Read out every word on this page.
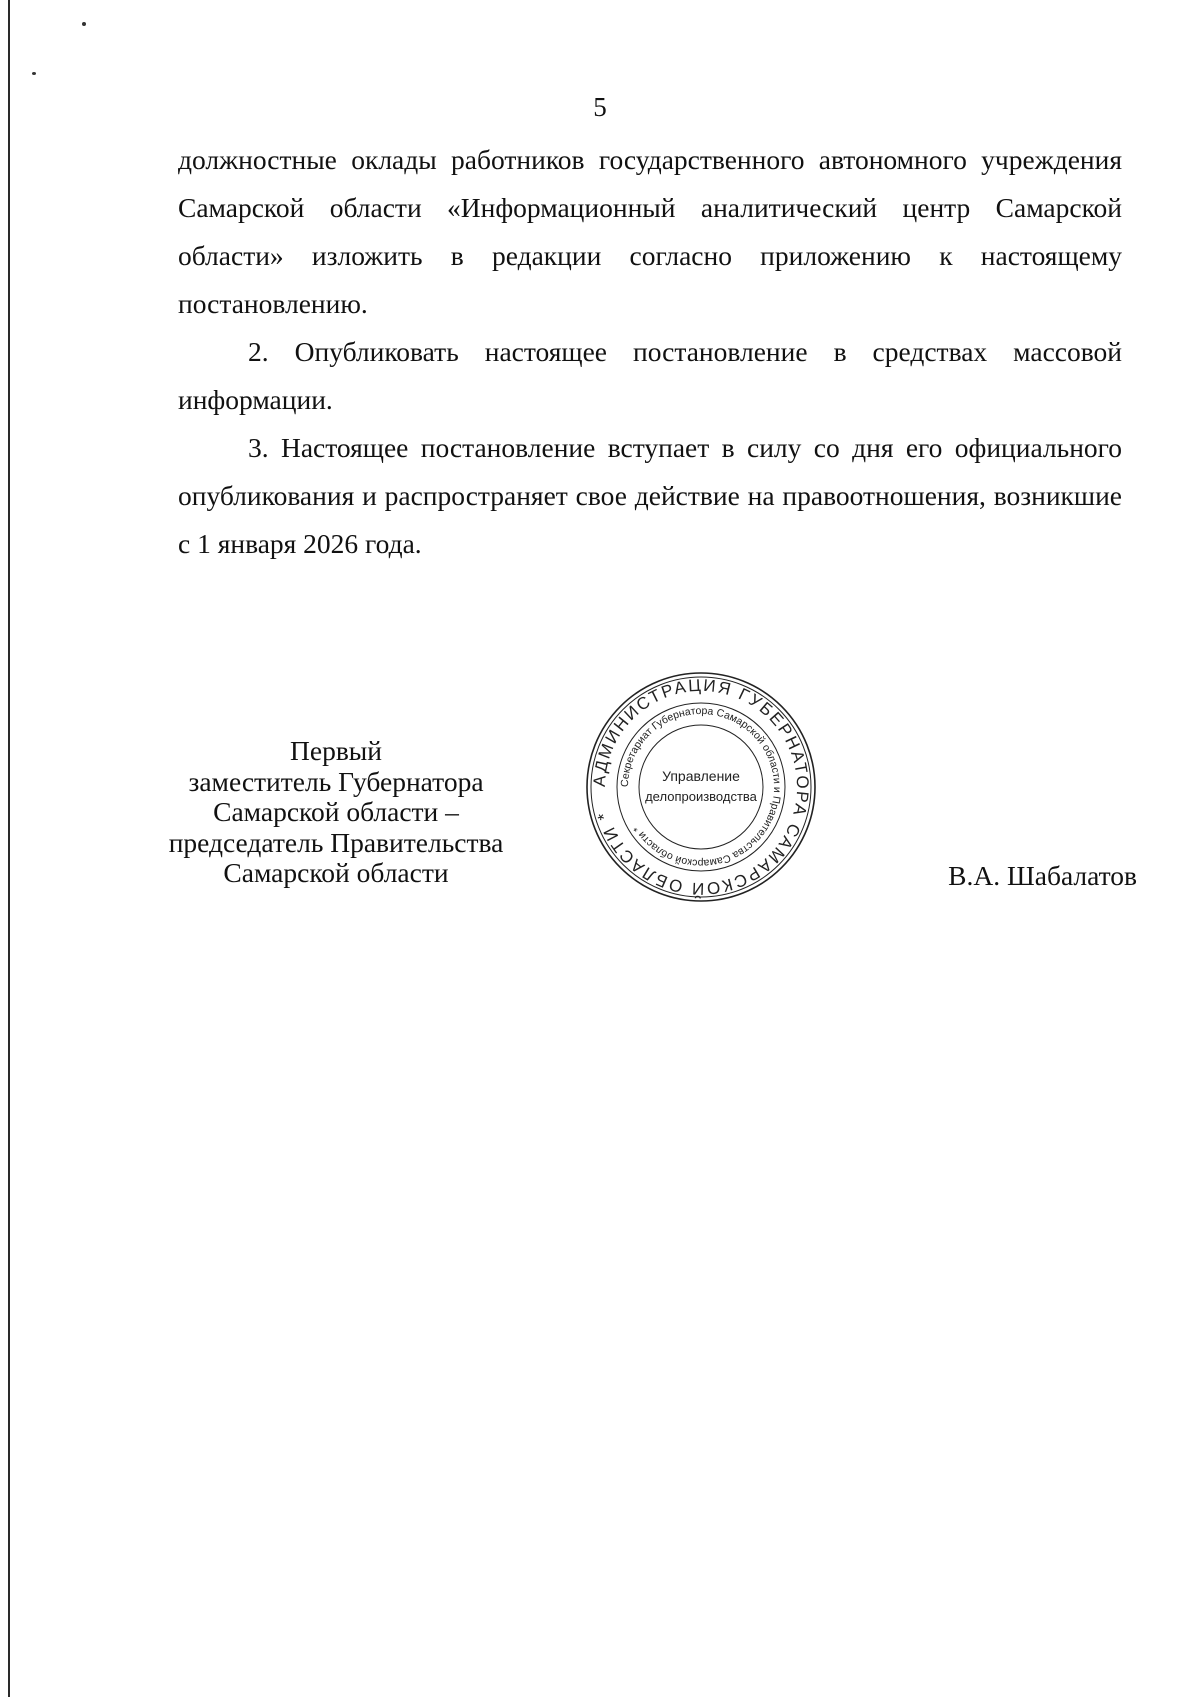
5

должностные оклады работников государственного автономного учреждения Самарской области «Информационный аналитический центр Самарской области» изложить в редакции согласно приложению к настоящему постановлению.

2. Опубликовать настоящее постановление в средствах массовой информации.

3. Настоящее постановление вступает в силу со дня его официального опубликования и распространяет свое действие на правоотношения, возникшие с 1 января 2026 года.

Первый
заместитель Губернатора
Самарской области –
председатель Правительства
Самарской области
АДМИНИСТРАЦИЯ ГУБЕРНАТОРА САМАРСКОЙ ОБЛАСТИ *
Секретариат Губернатора Самарской области и Правительства Самарской области *
Управление
делопроизводства
В.А. Шабалатов
